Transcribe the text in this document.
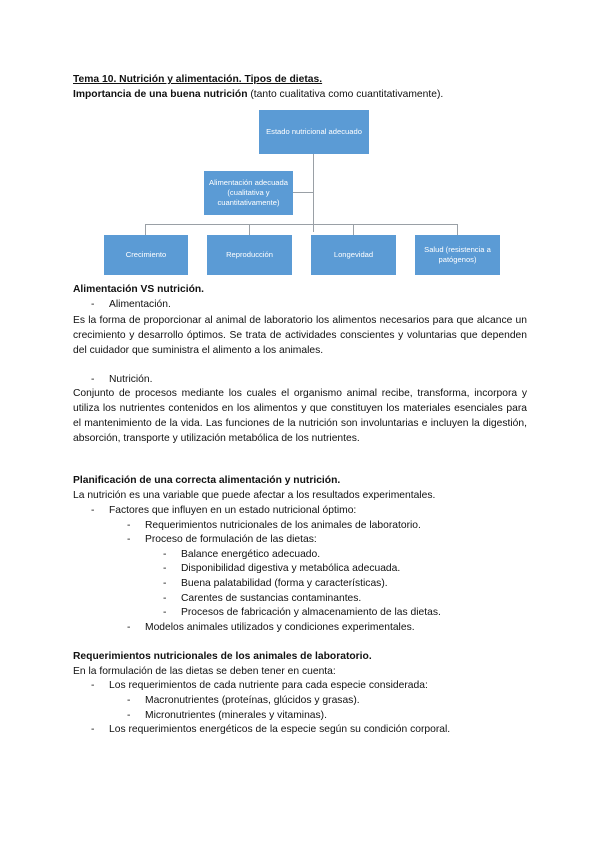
Tema 10. Nutrición y alimentación. Tipos de dietas.
Importancia de una buena nutrición (tanto cualitativa como cuantitativamente).
Estado nutricional adecuado
Alimentación adecuada (cualitativa y cuantitativamente)
Crecimiento	Reproducción	Longevidad
Salud (resistencia a patógenos)
Alimentación VS nutrición.
- Alimentación.
Es la forma de proporcionar al animal de laboratorio los alimentos necesarios para que alcance un crecimiento y desarrollo óptimos. Se trata de actividades conscientes y voluntarias que dependen del cuidador que suministra el alimento a los animales.
- Nutrición.
Conjunto de procesos mediante los cuales el organismo animal recibe, transforma, incorpora y utiliza los nutrientes contenidos en los alimentos y que constituyen los materiales esenciales para el mantenimiento de la vida. Las funciones de la nutrición son involuntarias e incluyen la digestión, absorción, transporte y utilización metabólica de los nutrientes.
Planificación de una correcta alimentación y nutrición.
La nutrición es una variable que puede afectar a los resultados experimentales.
- Factores que influyen en un estado nutricional óptimo:
- Requerimientos nutricionales de los animales de laboratorio.
- Proceso de formulación de las dietas:
- Balance energético adecuado.
- Disponibilidad digestiva y metabólica adecuada.
- Buena palatabilidad (forma y características).
- Carentes de sustancias contaminantes.
- Procesos de fabricación y almacenamiento de las dietas.
- Modelos animales utilizados y condiciones experimentales.
Requerimientos nutricionales de los animales de laboratorio.
En la formulación de las dietas se deben tener en cuenta:
- Los requerimientos de cada nutriente para cada especie considerada:
- Macronutrientes (proteínas, glúcidos y grasas).
- Micronutrientes (minerales y vitaminas).
- Los requerimientos energéticos de la especie según su condición corporal.
